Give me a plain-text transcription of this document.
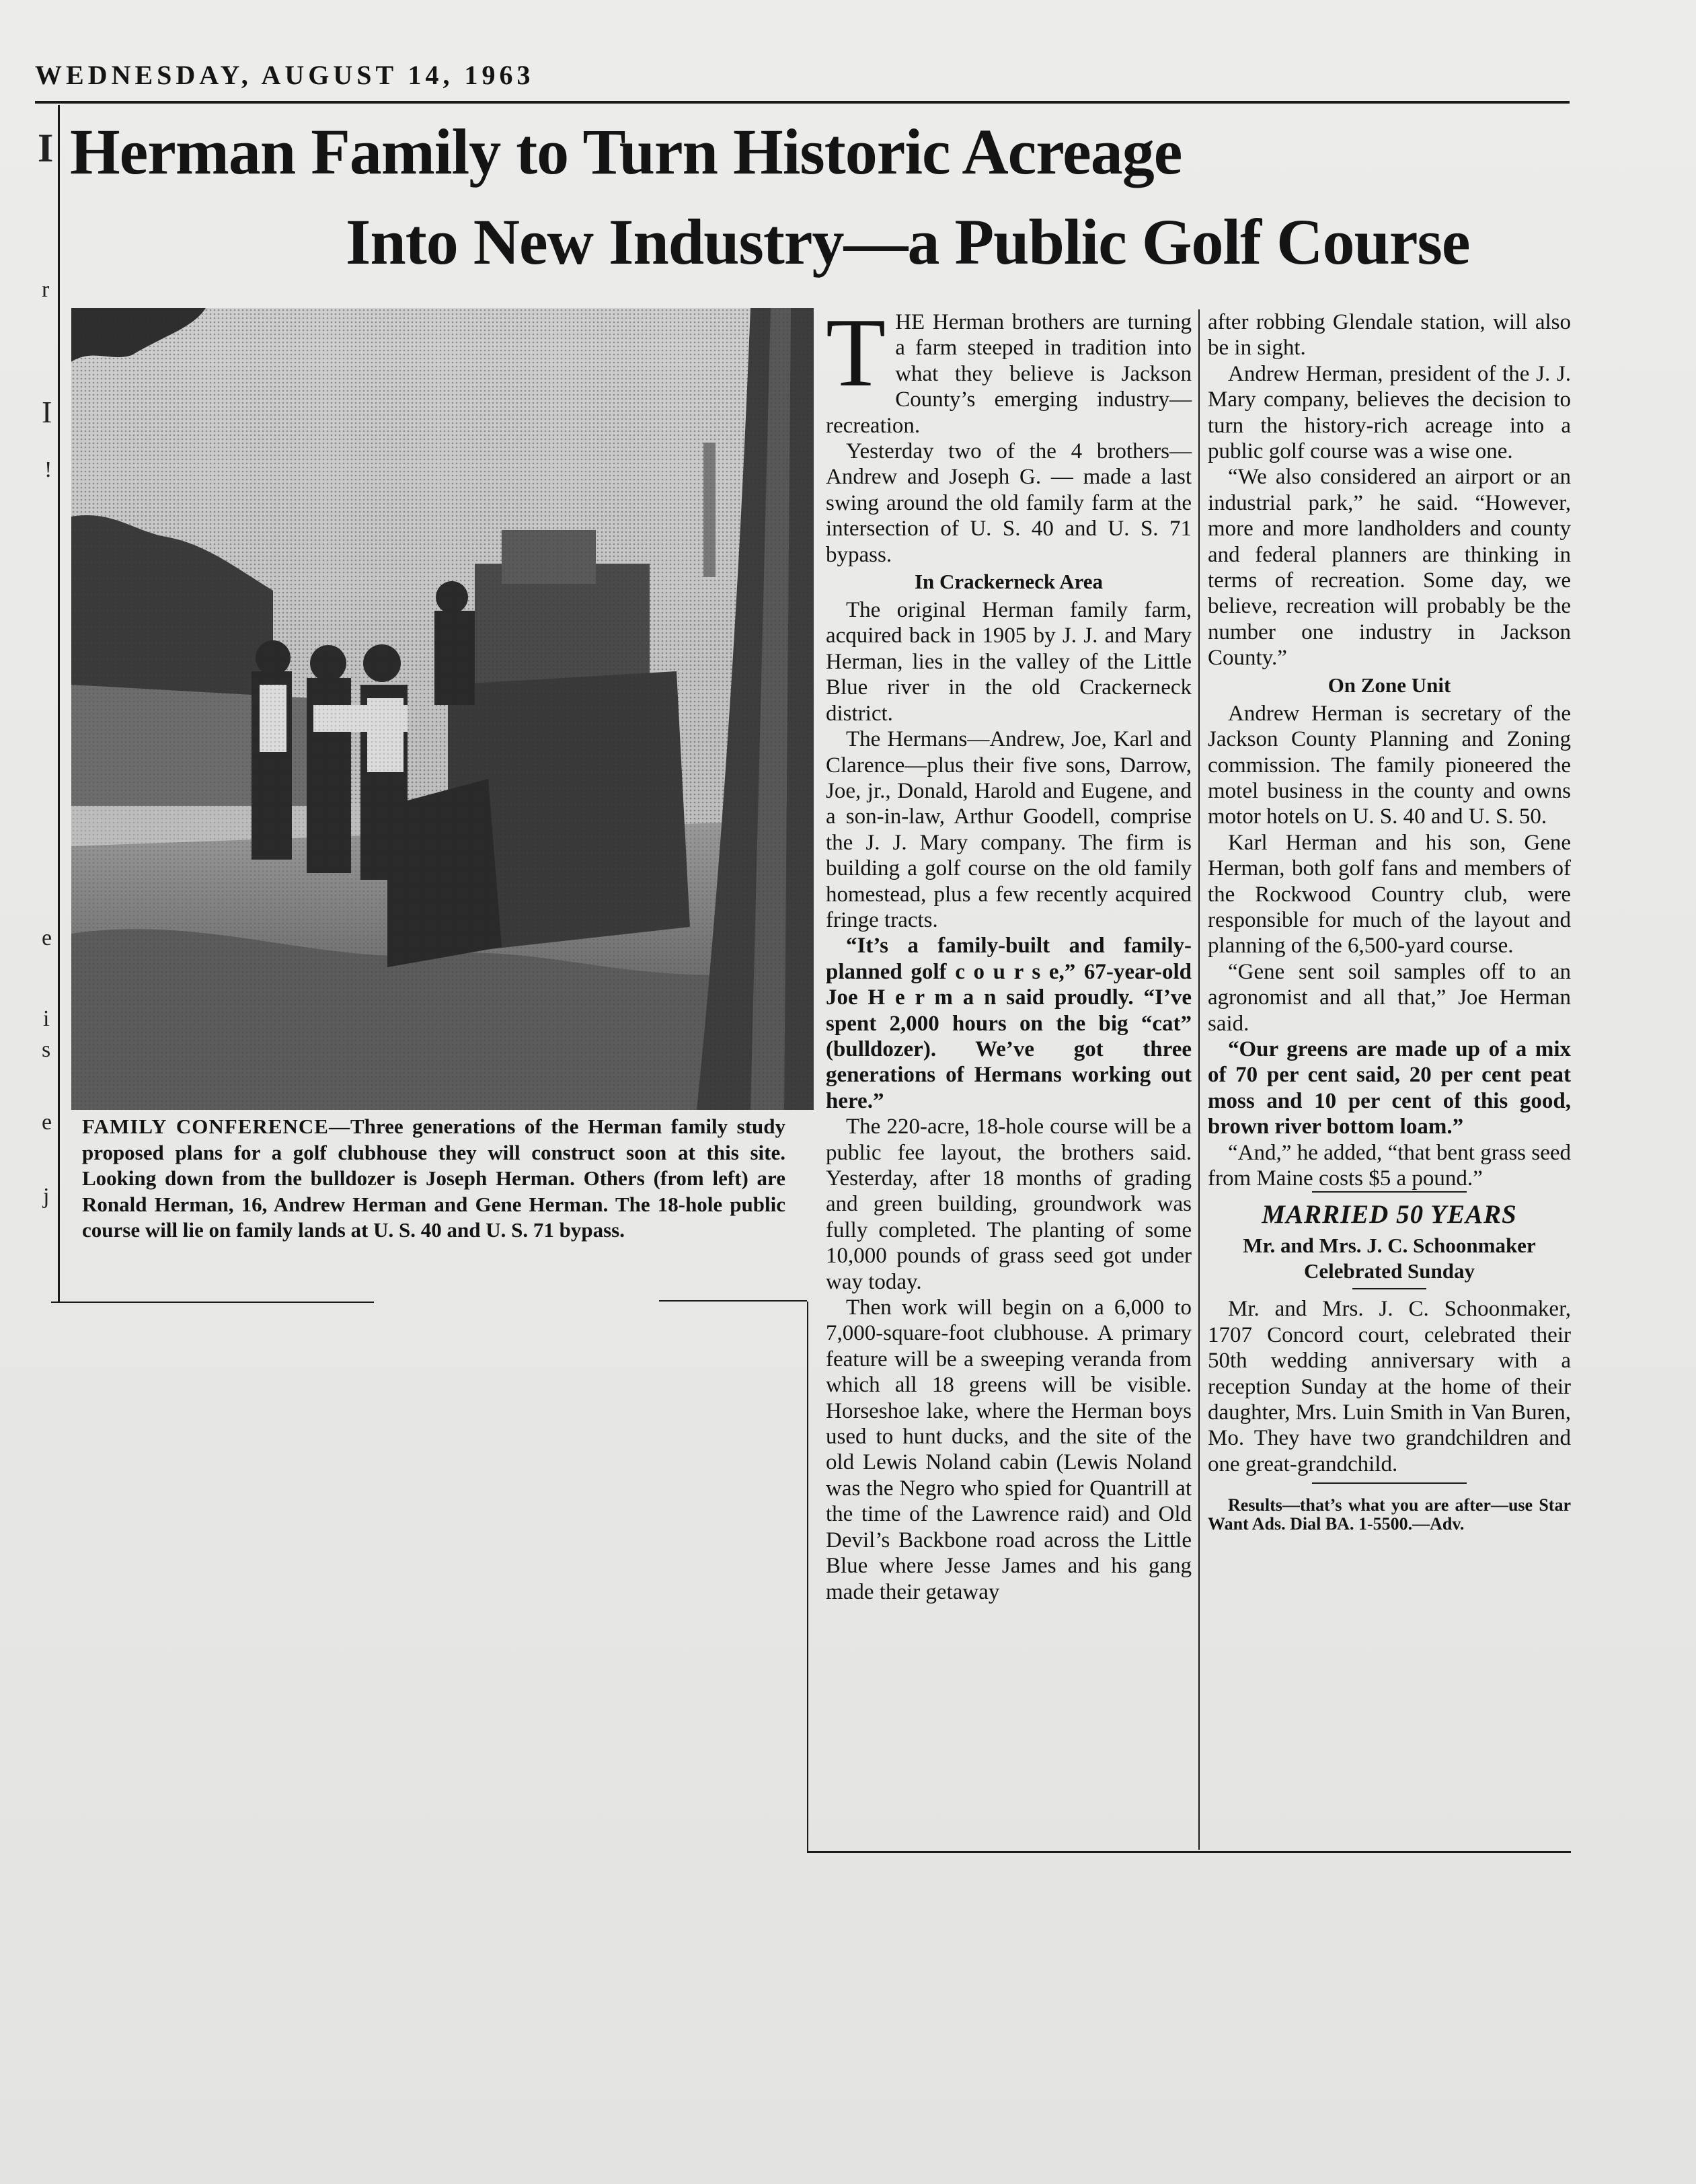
WEDNESDAY, AUGUST 14, 1963
I
r
I
!
e
i
s
e
j
Herman Family to Turn Historic Acreage
Into New Industry—a Public Golf Course
FAMILY CONFERENCE—Three generations of the Herman family study proposed plans for a golf clubhouse they will construct soon at this site. Looking down from the bulldozer is Joseph Herman. Others (from left) are Ronald Herman, 16, Andrew Herman and Gene Herman. The 18-hole public course will lie on family lands at U. S. 40 and U. S. 71 bypass.

THE Herman brothers are turning a farm steeped in tradition into what they believe is Jackson County’s emerging industry—recreation.

Yesterday two of the 4 brothers—Andrew and Joseph G. — made a last swing around the old family farm at the intersection of U. S. 40 and U. S. 71 bypass.

In Crackerneck Area

The original Herman family farm, acquired back in 1905 by J. J. and Mary Herman, lies in the valley of the Little Blue river in the old Crackerneck district.

The Hermans—Andrew, Joe, Karl and Clarence—plus their five sons, Darrow, Joe, jr., Donald, Harold and Eugene, and a son-in-law, Arthur Goodell, comprise the J. J. Mary company. The firm is building a golf course on the old family homestead, plus a few recently acquired fringe tracts.

“It’s a family-built and family-planned golf c o u r s e,” 67-year-old Joe H e r m a n said proudly. “I’ve spent 2,000 hours on the big “cat” (bulldozer). We’ve got three generations of Hermans working out here.”

The 220-acre, 18-hole course will be a public fee layout, the brothers said. Yesterday, after 18 months of grading and green building, groundwork was fully completed. The planting of some 10,000 pounds of grass seed got under way today.

Then work will begin on a 6,000 to 7,000-square-foot clubhouse. A primary feature will be a sweeping veranda from which all 18 greens will be visible. Horseshoe lake, where the Herman boys used to hunt ducks, and the site of the old Lewis Noland cabin (Lewis Noland was the Negro who spied for Quantrill at the time of the Lawrence raid) and Old Devil’s Backbone road across the Little Blue where Jesse James and his gang made their getaway

after robbing Glendale station, will also be in sight.

Andrew Herman, president of the J. J. Mary company, believes the decision to turn the history-rich acreage into a public golf course was a wise one.

“We also considered an airport or an industrial park,” he said. “However, more and more landholders and county and federal planners are thinking in terms of recreation. Some day, we believe, recreation will probably be the number one industry in Jackson County.”

On Zone Unit

Andrew Herman is secretary of the Jackson County Planning and Zoning commission. The family pioneered the motel business in the county and owns motor hotels on U. S. 40 and U. S. 50.

Karl Herman and his son, Gene Herman, both golf fans and members of the Rockwood Country club, were responsible for much of the layout and planning of the 6,500-yard course.

“Gene sent soil samples off to an agronomist and all that,” Joe Herman said.

“Our greens are made up of a mix of 70 per cent said, 20 per cent peat moss and 10 per cent of this good, brown river bottom loam.”

“And,” he added, “that bent grass seed from Maine costs $5 a pound.”

MARRIED 50 YEARS
Mr. and Mrs. J. C. Schoonmaker Celebrated Sunday

Mr. and Mrs. J. C. Schoonmaker, 1707 Concord court, celebrated their 50th wedding anniversary with a reception Sunday at the home of their daughter, Mrs. Luin Smith in Van Buren, Mo. They have two grandchildren and one great-grandchild.

Results—that’s what you are after—use Star Want Ads. Dial BA. 1-5500.—Adv.
